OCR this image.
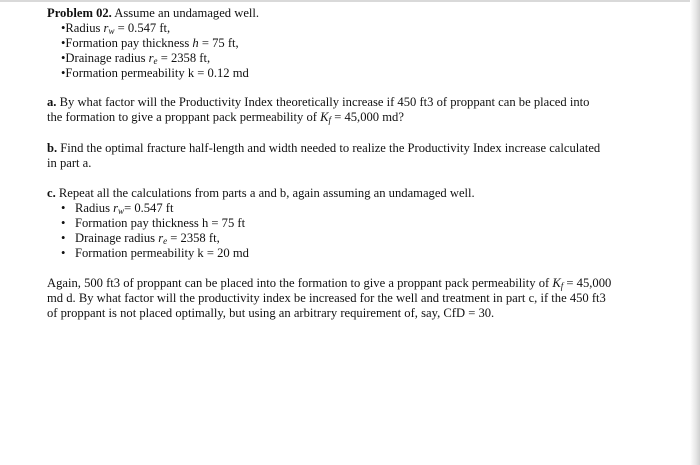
Problem 02. Assume an undamaged well.
•Radius $r_w = 0.547$ ft,
•Formation pay thickness h = 75 ft,
•Drainage radius $r_e = 2358$ ft,
•Formation permeability k = 0.12 md
a. By what factor will the Productivity Index theoretically increase if 450 ft3 of proppant can be placed into
the formation to give a proppant pack permeability of $K_f = 45,000$ md?
b. Find the optimal fracture half-length and width needed to realize the Productivity Index increase calculated
in part a.
c. Repeat all the calculations from parts a and b, again assuming an undamaged well.
• Radius $r_w= 0.547$ ft
• Formation pay thickness h = 75 ft
• Drainage radius $r_e = 2358$ ft,
• Formation permeability k = 20 md
Again, 500 ft3 of proppant can be placed into the formation to give a proppant pack permeability of $K_f = 45,000$
md d. By what factor will the productivity index be increased for the well and treatment in part c, if the 450 ft3
of proppant is not placed optimally, but using an arbitrary requirement of, say, CfD = 30.
